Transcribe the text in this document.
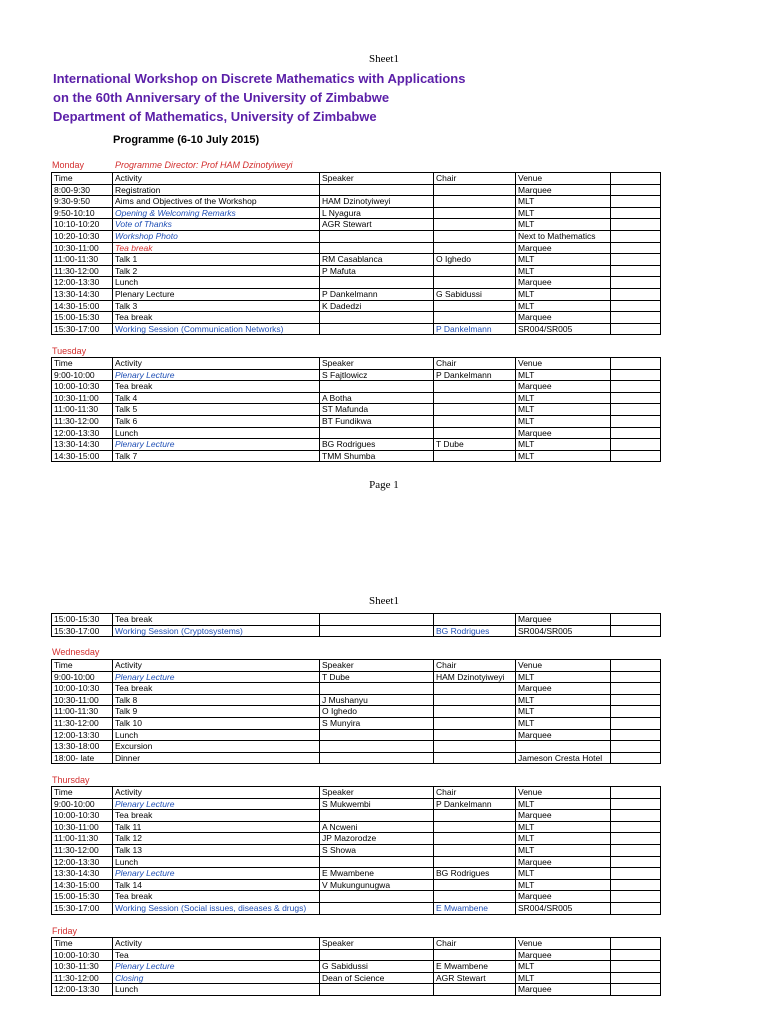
Sheet1
International Workshop on Discrete Mathematics with Applications
on the 60th Anniversary of the University of Zimbabwe
Department of Mathematics, University of Zimbabwe
Programme (6-10 July 2015)
Monday	Programme Director: Prof HAM Dzinotyiweyi
Time	Activity	Speaker	Chair	Venue	
8:00-9:30	Registration			Marquee	
9:30-9:50	Aims and Objectives of the Workshop	HAM Dzinotyiweyi		MLT	
9:50-10:10	Opening & Welcoming Remarks	L Nyagura		MLT	
10:10-10:20	Vote of Thanks	AGR Stewart		MLT	
10:20-10:30	Workshop Photo			Next to Mathematics	
10:30-11:00	Tea break			Marquee	
11:00-11:30	Talk 1	RM Casablanca	O Ighedo	MLT	
11:30-12:00	Talk 2	P Mafuta		MLT	
12:00-13:30	Lunch			Marquee	
13:30-14:30	Plenary Lecture	P Dankelmann	G Sabidussi	MLT	
14:30-15:00	Talk 3	K Dadedzi		MLT	
15:00-15:30	Tea break			Marquee	
15:30-17:00	Working Session (Communication Networks)		P Dankelmann	SR004/SR005	
Tuesday
Time	Activity	Speaker	Chair	Venue	
9:00-10:00	Plenary Lecture	S Fajtlowicz	P Dankelmann	MLT	
10:00-10:30	Tea break			Marquee	
10:30-11:00	Talk 4	A Botha		MLT	
11:00-11:30	Talk 5	ST Mafunda		MLT	
11:30-12:00	Talk 6	BT Fundikwa		MLT	
12:00-13:30	Lunch			Marquee	
13:30-14:30	Plenary Lecture	BG Rodrigues	T Dube	MLT	
14:30-15:00	Talk 7	TMM Shumba		MLT	
Page 1
Sheet1
15:00-15:30	Tea break			Marquee	
15:30-17:00	Working Session (Cryptosystems)		BG Rodrigues	SR004/SR005	
Wednesday
Time	Activity	Speaker	Chair	Venue	
9:00-10:00	Plenary Lecture	T Dube	HAM Dzinotyiweyi	MLT	
10:00-10:30	Tea break			Marquee	
10:30-11:00	Talk 8	J Mushanyu		MLT	
11:00-11:30	Talk 9	O Ighedo		MLT	
11:30-12:00	Talk 10	S Munyira		MLT	
12:00-13:30	Lunch			Marquee	
13:30-18:00	Excursion				
18:00- late	Dinner			Jameson Cresta Hotel	
Thursday
Time	Activity	Speaker	Chair	Venue	
9:00-10:00	Plenary Lecture	S Mukwembi	P Dankelmann	MLT	
10:00-10:30	Tea break			Marquee	
10:30-11:00	Talk 11	A Ncweni		MLT	
11:00-11:30	Talk 12	JP Mazorodze		MLT	
11:30-12:00	Talk 13	S Showa		MLT	
12:00-13:30	Lunch			Marquee	
13:30-14:30	Plenary Lecture	E Mwambene	BG Rodrigues	MLT	
14:30-15:00	Talk 14	V Mukungunugwa		MLT	
15:00-15:30	Tea break			Marquee	
15:30-17:00	Working Session (Social issues, diseases & drugs)		E Mwambene	SR004/SR005	
Friday
Time	Activity	Speaker	Chair	Venue	
10:00-10:30	Tea			Marquee	
10:30-11:30	Plenary Lecture	G Sabidussi	E Mwambene	MLT	
11:30-12:00	Closing	Dean of Science	AGR Stewart	MLT	
12:00-13:30	Lunch			Marquee	
